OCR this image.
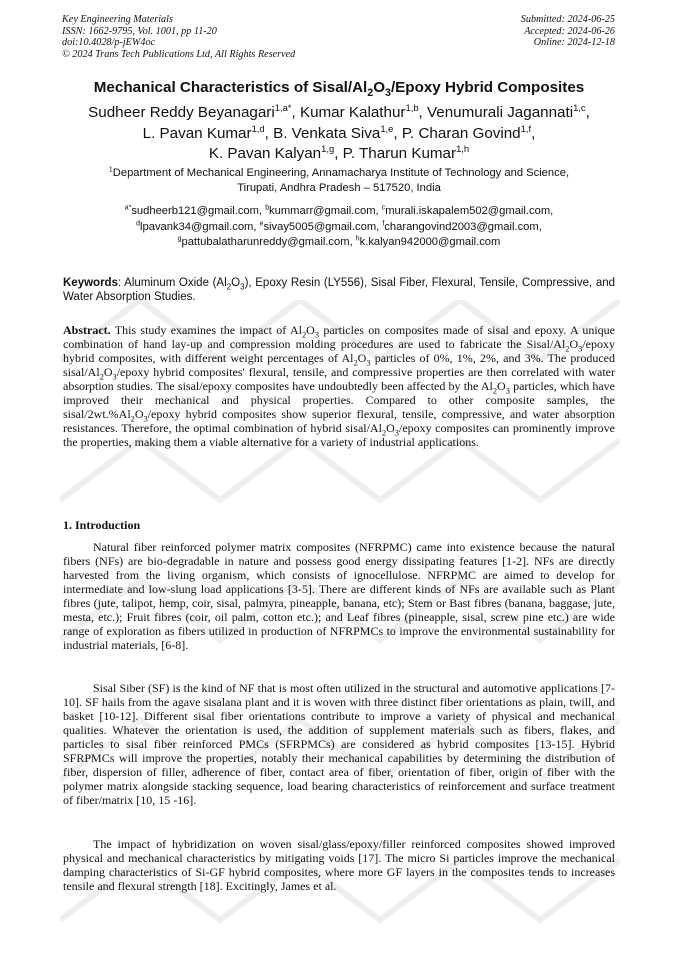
Key Engineering Materials
ISSN: 1662-9795, Vol. 1001, pp 11-20
doi:10.4028/p-jEW4oc
© 2024 Trans Tech Publications Ltd, All Rights Reserved
Submitted: 2024-06-25
Accepted: 2024-06-26
Online: 2024-12-18
Mechanical Characteristics of Sisal/$Al_2O_3$/Epoxy Hybrid Composites
Sudheer Reddy Beyanagari$^{1,a*}$, Kumar Kalathur$^{1,b}$, Venumurali Jagannati$^{1,c}$,
L. Pavan Kumar$^{1,d}$, B. Venkata Siva$^{1,e}$, P. Charan Govind$^{1,f}$,
K. Pavan Kalyan$^{1,g}$, P. Tharun Kumar$^{1,h}$
$^1$Department of Mechanical Engineering, Annamacharya Institute of Technology and Science,
Tirupati, Andhra Pradesh – 517520, India
$^{a*}$sudheerb121@gmail.com, $^b$kummarr@gmail.com, $^c$murali.iskapalem502@gmail.com,
$^d$lpavank34@gmail.com, $^e$sivay5005@gmail.com, $^f$charangovind2003@gmail.com,
$^g$pattubalatharunreddy@gmail.com, $^h$k.kalyan942000@gmail.com
Keywords: Aluminum Oxide $(Al_2O_3)$, Epoxy Resin (LY556), Sisal Fiber, Flexural, Tensile, Compressive, and Water Absorption Studies.
Abstract. This study examines the impact of $Al_2O_3$ particles on composites made of sisal and epoxy. A unique combination of hand lay-up and compression molding procedures are used to fabricate the Sisal/$Al_2O_3$/epoxy hybrid composites, with different weight percentages of $Al_2O_3$ particles of 0%, 1%, 2%, and 3%. The produced sisal/$Al_2O_3$/epoxy hybrid composites' flexural, tensile, and compressive properties are then correlated with water absorption studies. The sisal/epoxy composites have undoubtedly been affected by the $Al_2O_3$ particles, which have improved their mechanical and physical properties. Compared to other composite samples, the sisal/$2wt.\%Al_2O_3$/epoxy hybrid composites show superior flexural, tensile, compressive, and water absorption resistances. Therefore, the optimal combination of hybrid sisal/$Al_2O_3$/epoxy composites can prominently improve the properties, making them a viable alternative for a variety of industrial applications.
1. Introduction
Natural fiber reinforced polymer matrix composites (NFRPMC) came into existence because the natural fibers (NFs) are bio-degradable in nature and possess good energy dissipating features [1-2]. NFs are directly harvested from the living organism, which consists of ignocellulose. NFRPMC are aimed to develop for intermediate and low-slung load applications [3-5]. There are different kinds of NFs are available such as Plant fibres (jute, talipot, hemp, coir, sisal, palmyra, pineapple, banana, etc); Stem or Bast fibres (banana, baggase, jute, mesta, etc.); Fruit fibres (coir, oil palm, cotton etc.); and Leaf fibres (pineapple, sisal, screw pine etc.) are wide range of exploration as fibers utilized in production of NFRPMCs to improve the environmental sustainability for industrial materials, [6-8].
Sisal Siber (SF) is the kind of NF that is most often utilized in the structural and automotive applications [7-10]. SF hails from the agave sisalana plant and it is woven with three distinct fiber orientations as plain, twill, and basket [10-12]. Different sisal fiber orientations contribute to improve a variety of physical and mechanical qualities. Whatever the orientation is used, the addition of supplement materials such as fibers, flakes, and particles to sisal fiber reinforced PMCs (SFRPMCs) are considered as hybrid composites [13-15]. Hybrid SFRPMCs will improve the properties, notably their mechanical capabilities by determining the distribution of fiber, dispersion of filler, adherence of fiber, contact area of fiber, orientation of fiber, origin of fiber with the polymer matrix alongside stacking sequence, load bearing characteristics of reinforcement and surface treatment of fiber/matrix [10, 15 -16].
The impact of hybridization on woven sisal/glass/epoxy/filler reinforced composites showed improved physical and mechanical characteristics by mitigating voids [17]. The micro Si particles improve the mechanical damping characteristics of Si-GF hybrid composites, where more GF layers in the composites tends to increases tensile and flexural strength [18]. Excitingly, James et al.
